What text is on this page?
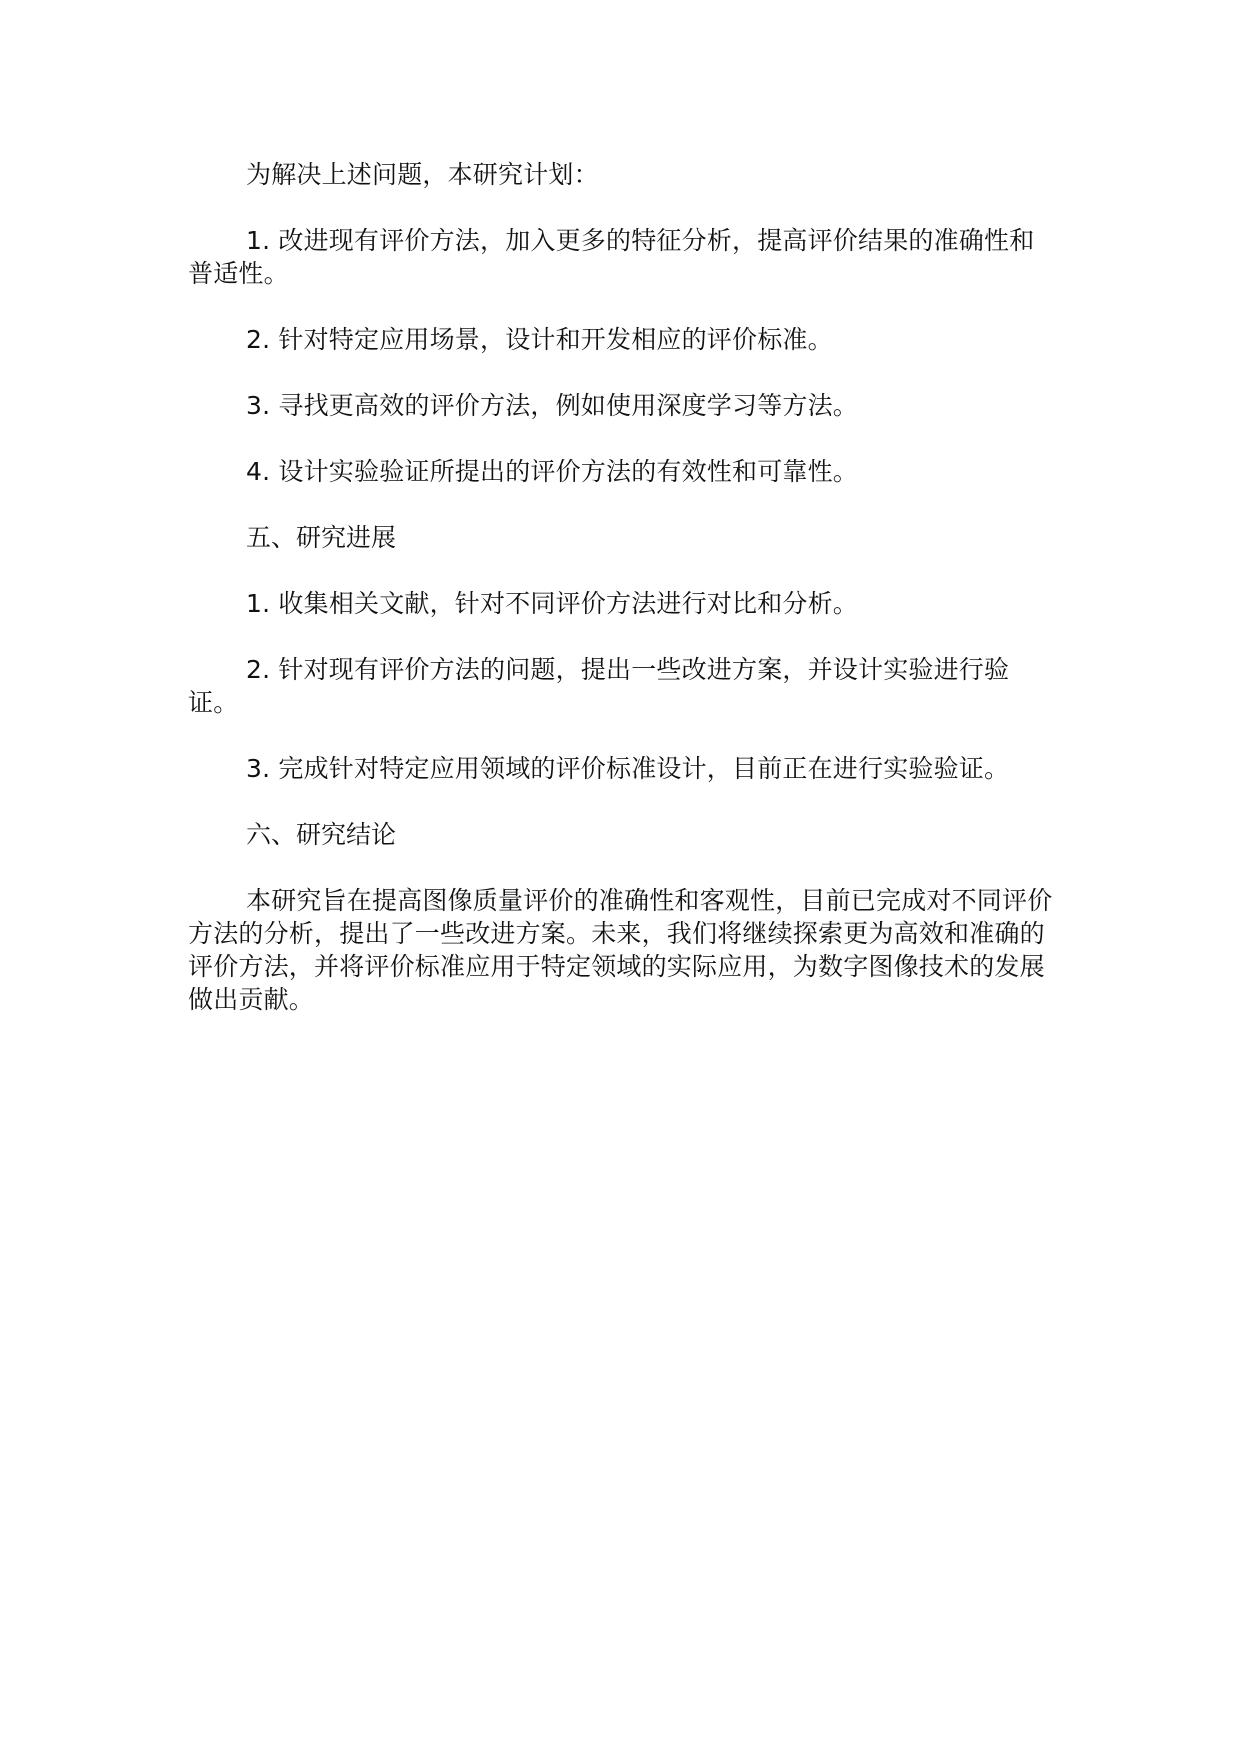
为解决上述问题，本研究计划：

1. 改进现有评价方法，加入更多的特征分析，提高评价结果的准确性和普适性。

2. 针对特定应用场景，设计和开发相应的评价标准。

3. 寻找更高效的评价方法，例如使用深度学习等方法。

4. 设计实验验证所提出的评价方法的有效性和可靠性。

五、研究进展

1. 收集相关文献，针对不同评价方法进行对比和分析。

2. 针对现有评价方法的问题，提出一些改进方案，并设计实验进行验证。

3. 完成针对特定应用领域的评价标准设计，目前正在进行实验验证。

六、研究结论

本研究旨在提高图像质量评价的准确性和客观性，目前已完成对不同评价方法的分析，提出了一些改进方案。未来，我们将继续探索更为高效和准确的评价方法，并将评价标准应用于特定领域的实际应用，为数字图像技术的发展做出贡献。
